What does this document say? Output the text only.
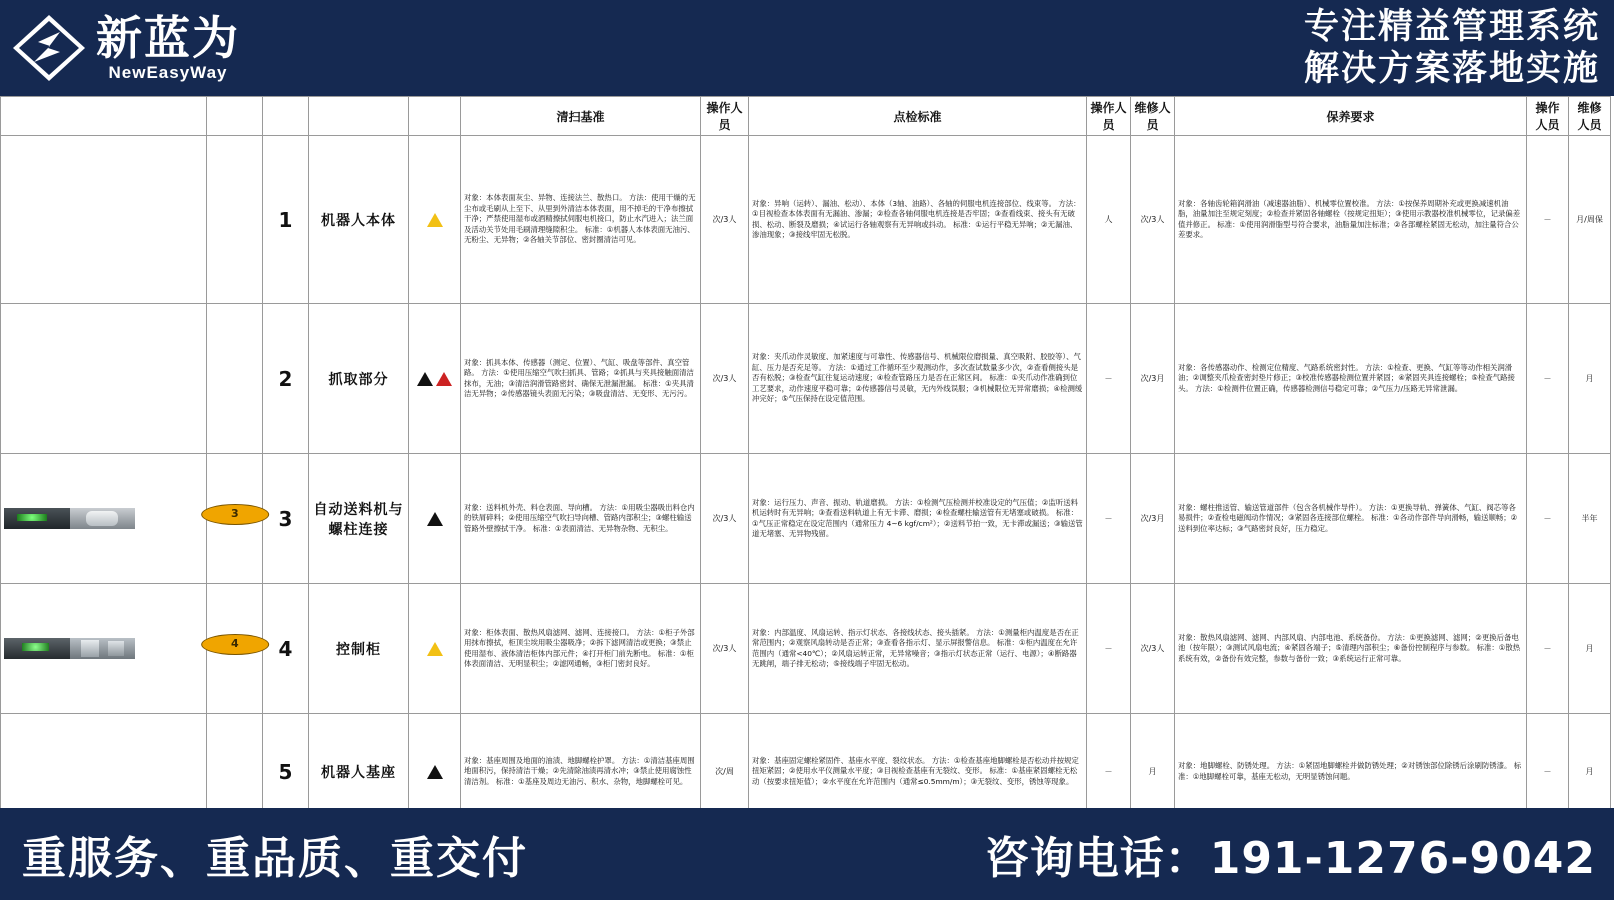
新蓝为
NewEasyWay
专注精益管理系统
解决方案落地实施
					清扫基准	操作人员	点检标准	操作人员	维修人员	保养要求	操作人员	维修人员

		1	机器人本体		对象：本体表面灰尘、异物、连接法兰、散热口。 方法：使用干燥的无尘布或毛刷从上至下、从里到外清洁本体表面，用不掉毛的干净布擦拭干净；严禁使用湿布或酒精擦拭伺服电机接口，防止水汽进入；法兰面及活动关节处用毛刷清理缝隙积尘。 标准：①机器人本体表面无油污、无粉尘、无异物；②各轴关节部位、密封圈清洁可见。	次/3人	对象：异响（运转）、漏油、松动）、本体（3轴、油路）、各轴的伺服电机连接部位、线束等。 方法：①目视检查本体表面有无漏油、渗漏；②检查各轴伺服电机连接是否牢固；③查看线束、接头有无破损、松动、断裂及磨损；④试运行各轴观察有无异响或抖动。 标准：①运行平稳无异响；②无漏油、渗油现象；③接线牢固无松脱。	人	次/3人	对象：各轴齿轮箱润滑油（减速器油脂）、机械零位置校准。 方法：①按保养周期补充或更换减速机油脂，油量加注至规定刻度；②检查并紧固各轴螺栓（按规定扭矩）；③使用示教器校准机械零位，记录偏差值并修正。 标准：①使用润滑脂型号符合要求，油脂量加注标准；②各部螺栓紧固无松动，加注量符合公差要求。	－	月/周保

		2	抓取部分		对象：抓具本体、传感器（测定、位置）、气缸、吸盘等部件、真空管路。 方法：①使用压缩空气吹扫抓具、管路；②抓具与夹具接触面清洁抹布，无油；③清洁润滑管路密封、确保无泄漏泄漏。 标准：①夹具清洁无异物；②传感器镜头表面无污染；③吸盘清洁、无变形、无污污。	次/3人	对象：夹爪动作灵敏度、加紧速度与可靠性、传感器信号、机械限位磨损量、真空吸附、胶胶等）、气缸、压力是否充足等。 方法：①通过工作循环至少观测动作，多次查试数量多少次，②查看侧接头是否有松脱；③检查气缸往复运动速度；④检查管路压力是否在正常区间。 标准：①夹爪动作准确到位工艺要求，动作速度平稳可靠；②传感器信号灵敏，无内外线误服；③机械限位无异常磨损；④检测缓冲完好；⑤气压保持在设定值范围。	－	次/3月	对象：各传感器动作、检测定位精度、气路系统密封性。 方法：①检查、更换、气缸等等动作相关润滑油；②调整夹爪检查密封垫片修正；③校准传感器检测位置并紧固；④紧固夹具连接螺栓；⑤检查气路接头。 方法：①检测件位置正确，传感器检测信号稳定可靠；②气压力/压路无异常泄漏。	－	月

3		3	自动送料机与螺柱连接		对象：送料机外壳、料仓表面、导向槽。 方法：①用吸尘器吸出料仓内的铁屑碎料；②使用压缩空气吹扫导向槽、管路内部积尘；③螺柱输送管路外壁擦拭干净。 标准：①表面清洁、无异物杂物、无积尘。	次/3人	对象：运行压力、声音、振动、轨道磨损。 方法：①检测气压检测并校准设定的气压值；②监听送料机运转时有无异响；③查看送料轨道上有无卡滞、磨损；④检查螺柱输送管有无堵塞或破损。 标准：①气压正常稳定在设定范围内（通常压力 4~6 kgf/cm²）；②送料节拍一致，无卡滞或漏送；③输送管道无堵塞、无异物残留。	－	次/3月	对象：螺柱推送管、输送管道部件（包含各机械作导件）。 方法：①更换导轨、弹簧体、气缸、阀芯等各易损件；②查检电磁阀动作情况；③紧固各连接部位螺栓。 标准：①各动作部件导向滑畅，输送顺畅；②送料到位率达标；③气路密封良好，压力稳定。	－	半年

4		4	控制柜		对象：柜体表面、散热风扇滤网、滤网、连接接口。 方法：①柜子外部用抹布擦拭，柜顶尘埃用吸尘器吸净；②拆下滤网清洁或更换；③禁止使用湿布、液体清洁柜体内部元件；④打开柜门前先断电。 标准：①柜体表面清洁、无明显积尘；②滤网通畅，③柜门密封良好。	次/3人	对象：内部温度、风扇运转、指示灯状态、各接线状态、接头插紧。 方法：①测量柜内温度是否在正常范围内；②观察风扇转动是否正常；③查看各指示灯、显示屏报警信息。 标准：①柜内温度在允许范围内（通常<40℃）；②风扇运转正常，无异常噪音；③指示灯状态正常（运行、电源）；④断路器无跳闸，端子排无松动；⑤接线端子牢固无松动。	－	次/3人	对象：散热风扇滤网、滤网、内部风扇、内部电池、系统备份。 方法：①更换滤网、滤网；②更换后备电池（按年限）；③测试风扇电流；④紧固各端子；⑤清理内部积尘；⑥备份控制程序与参数。 标准：①散热系统有效，②备份有效完整，参数与备份一致；③系统运行正常可靠。	－	月

		5	机器人基座		对象：基座周围及地面的油渍、地脚螺栓护罩。 方法：①清洁基座周围地面积污，保持清洁干燥；②先清除油渍再清水冲；③禁止使用腐蚀性清洁剂。 标准：①基座及周边无油污、积水、杂物，地脚螺栓可见。	次/周	对象：基座固定螺栓紧固件、基座水平度、裂纹状态。 方法：①检查基座地脚螺栓是否松动并按规定扭矩紧固；②使用水平仪测量水平度；③目视检查基座有无裂纹、变形。 标准：①基座紧固螺栓无松动（按要求扭矩值）；②水平度在允许范围内（通常≤0.5mm/m）；③无裂纹、变形，锈蚀等现象。	－	月	对象：地脚螺栓、防锈处理。 方法：①紧固地脚螺栓并做防锈处理；②对锈蚀部位除锈后涂刷防锈漆。 标准：①地脚螺栓可靠，基座无松动，无明显锈蚀问题。	－	月
重服务、重品质、重交付	咨询电话：191-1276-9042
